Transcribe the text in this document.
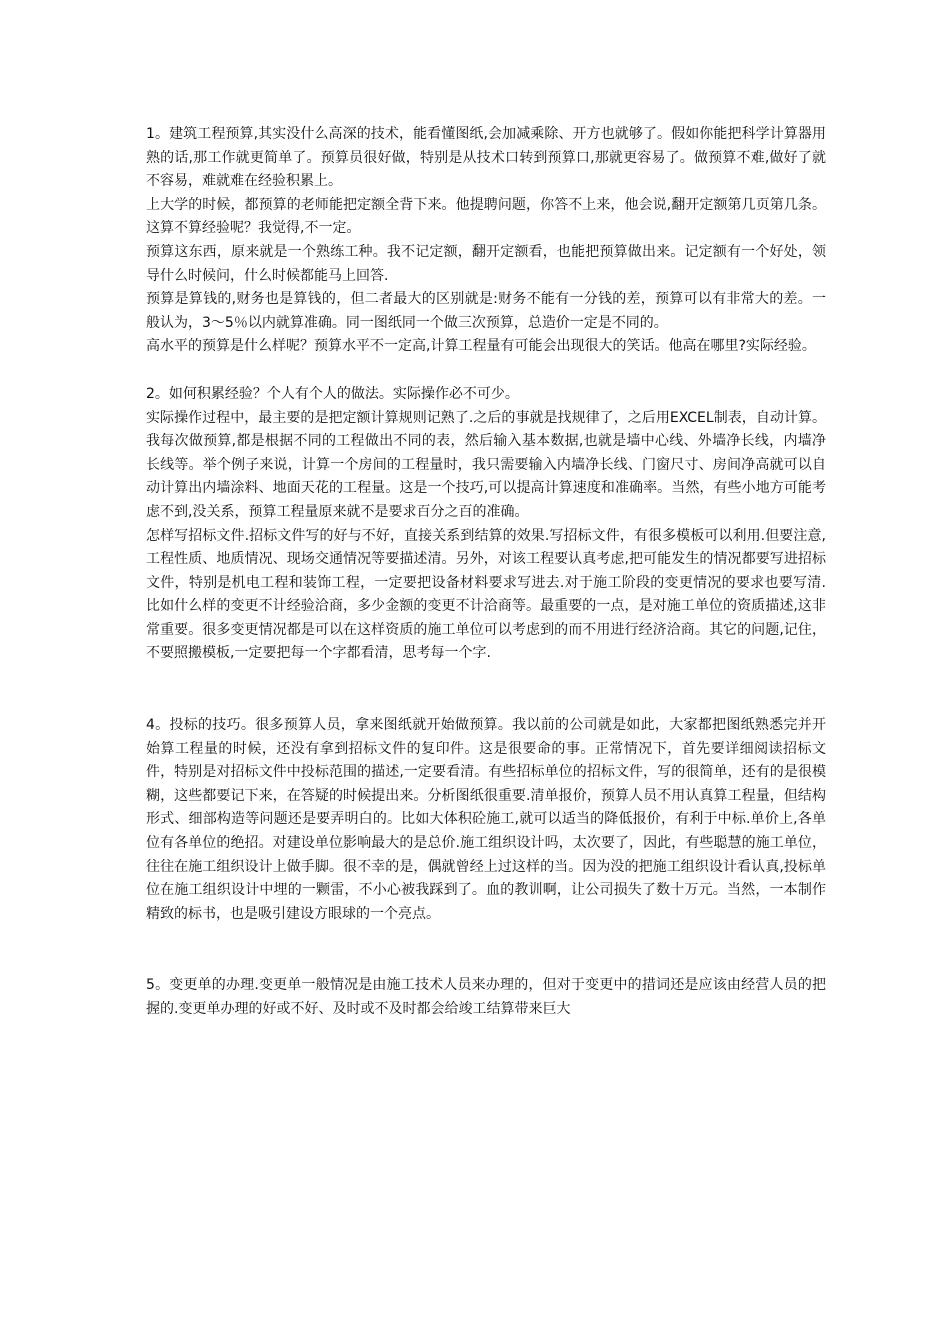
1。建筑工程预算,其实没什么高深的技术，能看懂图纸,会加减乘除、开方也就够了。假如你能把科学计算器用熟的话,那工作就更简单了。预算员很好做，特别是从技术口转到预算口,那就更容易了。做预算不难,做好了就不容易，难就难在经验积累上。

上大学的时候，都预算的老师能把定额全背下来。他提聘问题，你答不上来，他会说,翻开定额第几页第几条。这算不算经验呢？我觉得,不一定。

预算这东西，原来就是一个熟练工种。我不记定额，翻开定额看，也能把预算做出来。记定额有一个好处，领导什么时候问，什么时候都能马上回答.

预算是算钱的,财务也是算钱的，但二者最大的区别就是:财务不能有一分钱的差，预算可以有非常大的差。一般认为，3～5％以内就算准确。同一图纸同一个做三次预算，总造价一定是不同的。

高水平的预算是什么样呢？预算水平不一定高,计算工程量有可能会出现很大的笑话。他高在哪里?实际经验。

2。如何积累经验？个人有个人的做法。实际操作必不可少。

实际操作过程中，最主要的是把定额计算规则记熟了.之后的事就是找规律了，之后用EXCEL制表，自动计算。我每次做预算,都是根据不同的工程做出不同的表，然后输入基本数据,也就是墙中心线、外墙净长线，内墙净长线等。举个例子来说，计算一个房间的工程量时，我只需要输入内墙净长线、门窗尺寸、房间净高就可以自动计算出内墙涂料、地面天花的工程量。这是一个技巧,可以提高计算速度和准确率。当然，有些小地方可能考虑不到,没关系，预算工程量原来就不是要求百分之百的准确。

怎样写招标文件.招标文件写的好与不好，直接关系到结算的效果.写招标文件，有很多模板可以利用.但要注意,工程性质、地质情况、现场交通情况等要描述清。另外，对该工程要认真考虑,把可能发生的情况都要写进招标文件，特别是机电工程和装饰工程，一定要把设备材料要求写进去.对于施工阶段的变更情况的要求也要写清.比如什么样的变更不计经验洽商，多少金额的变更不计洽商等。最重要的一点，是对施工单位的资质描述,这非常重要。很多变更情况都是可以在这样资质的施工单位可以考虑到的而不用进行经济洽商。其它的问题,记住，不要照搬模板,一定要把每一个字都看清，思考每一个字.

4。投标的技巧。很多预算人员，拿来图纸就开始做预算。我以前的公司就是如此，大家都把图纸熟悉完并开始算工程量的时候，还没有拿到招标文件的复印件。这是很要命的事。正常情况下，首先要详细阅读招标文件，特别是对招标文件中投标范围的描述,一定要看清。有些招标单位的招标文件，写的很简单，还有的是很模糊，这些都要记下来，在答疑的时候提出来。分析图纸很重要.清单报价，预算人员不用认真算工程量，但结构形式、细部构造等问题还是要弄明白的。比如大体积砼施工,就可以适当的降低报价，有利于中标.单价上,各单位有各单位的绝招。对建设单位影响最大的是总价.施工组织设计吗，太次要了，因此，有些聪慧的施工单位，往往在施工组织设计上做手脚。很不幸的是，偶就曾经上过这样的当。因为没的把施工组织设计看认真,投标单位在施工组织设计中埋的一颗雷，不小心被我踩到了。血的教训啊，让公司损失了数十万元。当然，一本制作精致的标书，也是吸引建设方眼球的一个亮点。

5。变更单的办理.变更单一般情况是由施工技术人员来办理的，但对于变更中的措词还是应该由经营人员的把握的.变更单办理的好或不好、及时或不及时都会给竣工结算带来巨大
